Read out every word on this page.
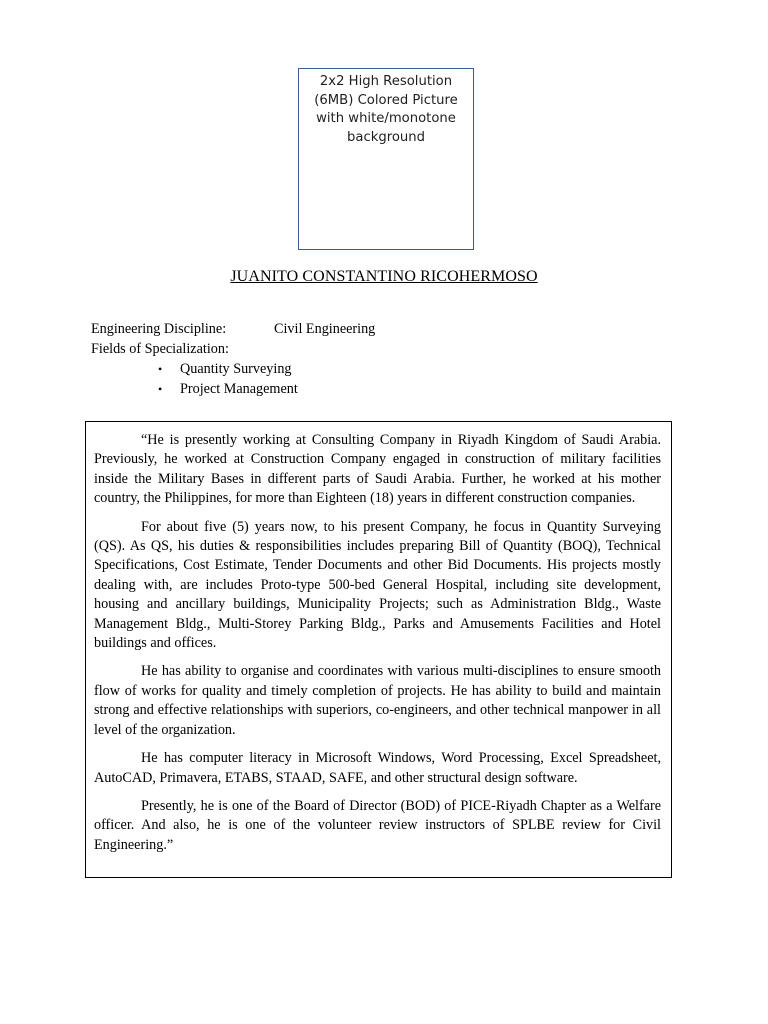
2x2 High Resolution
(6MB) Colored Picture
with white/monotone
background
JUANITO CONSTANTINO RICOHERMOSO
Engineering Discipline:	Civil Engineering
Fields of Specialization:
•	Quantity Surveying
•	Project Management

“He is presently working at Consulting Company in Riyadh Kingdom of Saudi Arabia. Previously, he worked at Construction Company engaged in construction of military facilities inside the Military Bases in different parts of Saudi Arabia. Further, he worked at his mother country, the Philippines, for more than Eighteen (18) years in different construction companies.

For about five (5) years now, to his present Company, he focus in Quantity Surveying (QS). As QS, his duties & responsibilities includes preparing Bill of Quantity (BOQ), Technical Specifications, Cost Estimate, Tender Documents and other Bid Documents. His projects mostly dealing with, are includes Proto-type 500-bed General Hospital, including site development, housing and ancillary buildings, Municipality Projects; such as Administration Bldg., Waste Management Bldg., Multi-Storey Parking Bldg., Parks and Amusements Facilities and Hotel buildings and offices.

He has ability to organise and coordinates with various multi-disciplines to ensure smooth flow of works for quality and timely completion of projects. He has ability to build and maintain strong and effective relationships with superiors, co-engineers, and other technical manpower in all level of the organization.

He has computer literacy in Microsoft Windows, Word Processing, Excel Spreadsheet, AutoCAD, Primavera, ETABS, STAAD, SAFE, and other structural design software.

Presently, he is one of the Board of Director (BOD) of PICE-Riyadh Chapter as a Welfare officer. And also, he is one of the volunteer review instructors of SPLBE review for Civil Engineering.”
